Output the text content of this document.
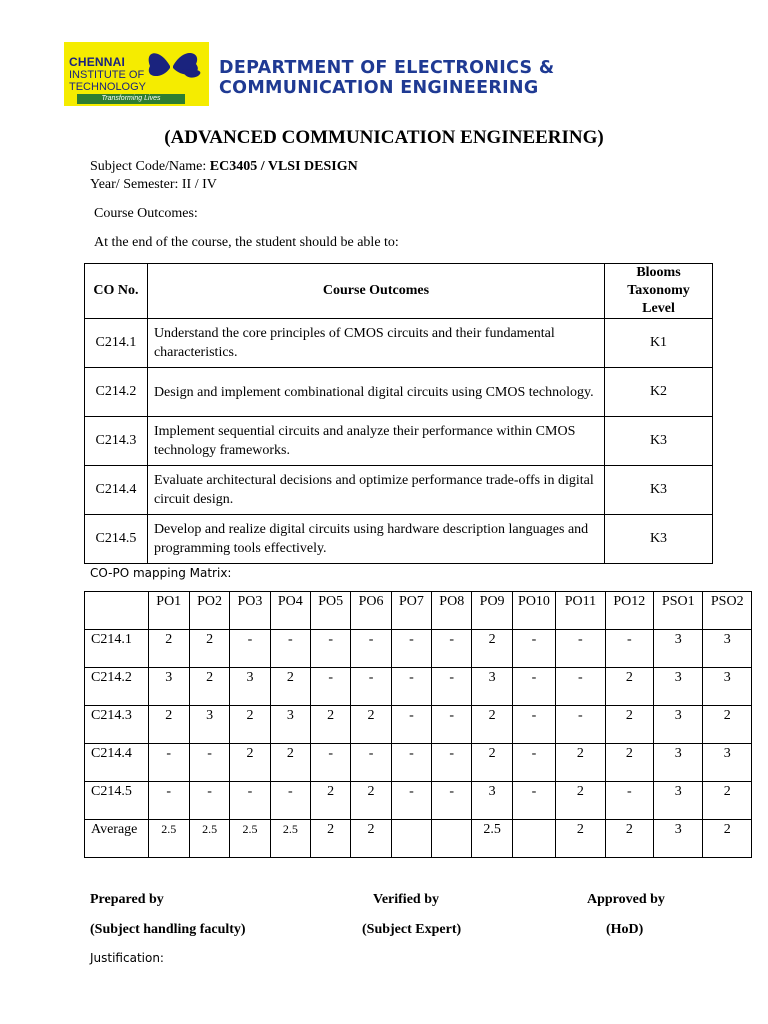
CHENNAI
INSTITUTE OF
TECHNOLOGY
Transforming Lives
DEPARTMENT OF ELECTRONICS &
COMMUNICATION ENGINEERING
(ADVANCED COMMUNICATION ENGINEERING)
Subject Code/Name: EC3405 / VLSI DESIGN
Year/ Semester: II / IV
Course Outcomes:
At the end of the course, the student should be able to:
CO No.	Course Outcomes	Blooms Taxonomy Level
C214.1	Understand the core principles of CMOS circuits and their fundamental characteristics.	K1
C214.2	Design and implement combinational digital circuits using CMOS technology.	K2
C214.3	Implement sequential circuits and analyze their performance within CMOS technology frameworks.	K3
C214.4	Evaluate architectural decisions and optimize performance trade-offs in digital circuit design.	K3
C214.5	Develop and realize digital circuits using hardware description languages and programming tools effectively.	K3
CO-PO mapping Matrix:
	PO1	PO2	PO3	PO4	PO5	PO6	PO7	PO8	PO9	PO10	PO11	PO12	PSO1	PSO2
C214.1	2	2	-	-	-	-	-	-	2	-	-	-	3	3
C214.2	3	2	3	2	-	-	-	-	3	-	-	2	3	3
C214.3	2	3	2	3	2	2	-	-	2	-	-	2	3	2
C214.4	-	-	2	2	-	-	-	-	2	-	2	2	3	3
C214.5	-	-	-	-	2	2	-	-	3	-	2	-	3	2
Average	2.5	2.5	2.5	2.5	2	2			2.5		2	2	3	2
Prepared by
(Subject handling faculty)
Verified by
(Subject Expert)
Approved by
(HoD)
Justification:
